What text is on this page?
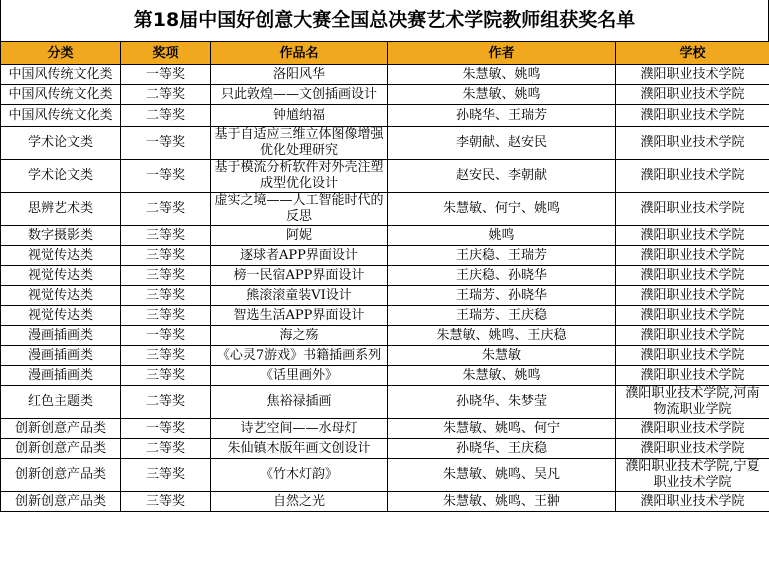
第18届中国好创意大赛全国总决赛艺术学院教师组获奖名单
分类	奖项	作品名	作者	学校
中国风传统文化类	一等奖	洛阳风华	朱慧敏、姚鸣	濮阳职业技术学院
中国风传统文化类	二等奖	只此敦煌——文创插画设计	朱慧敏、姚鸣	濮阳职业技术学院
中国风传统文化类	二等奖	钟馗纳福	孙晓华、王瑞芳	濮阳职业技术学院
学术论文类	一等奖	基于自适应三维立体图像增强优化处理研究	李朝献、赵安民	濮阳职业技术学院
学术论文类	一等奖	基于模流分析软件对外壳注塑成型优化设计	赵安民、李朝献	濮阳职业技术学院
思辨艺术类	二等奖	虚实之境——人工智能时代的反思	朱慧敏、何宁、姚鸣	濮阳职业技术学院
数字摄影类	三等奖	阿妮	姚鸣	濮阳职业技术学院
视觉传达类	三等奖	逐球者APP界面设计	王庆稳、王瑞芳	濮阳职业技术学院
视觉传达类	三等奖	榜一民宿APP界面设计	王庆稳、孙晓华	濮阳职业技术学院
视觉传达类	三等奖	熊滚滚童装VI设计	王瑞芳、孙晓华	濮阳职业技术学院
视觉传达类	三等奖	智选生活APP界面设计	王瑞芳、王庆稳	濮阳职业技术学院
漫画插画类	一等奖	海之殇	朱慧敏、姚鸣、王庆稳	濮阳职业技术学院
漫画插画类	三等奖	《心灵7游戏》书籍插画系列	朱慧敏	濮阳职业技术学院
漫画插画类	三等奖	《话里画外》	朱慧敏、姚鸣	濮阳职业技术学院
红色主题类	二等奖	焦裕禄插画	孙晓华、朱梦莹	濮阳职业技术学院,河南物流职业学院
创新创意产品类	一等奖	诗艺空间——水母灯	朱慧敏、姚鸣、何宁	濮阳职业技术学院
创新创意产品类	二等奖	朱仙镇木版年画文创设计	孙晓华、王庆稳	濮阳职业技术学院
创新创意产品类	三等奖	《竹木灯韵》	朱慧敏、姚鸣、吴凡	濮阳职业技术学院,宁夏职业技术学院
创新创意产品类	三等奖	自然之光	朱慧敏、姚鸣、王翀	濮阳职业技术学院
